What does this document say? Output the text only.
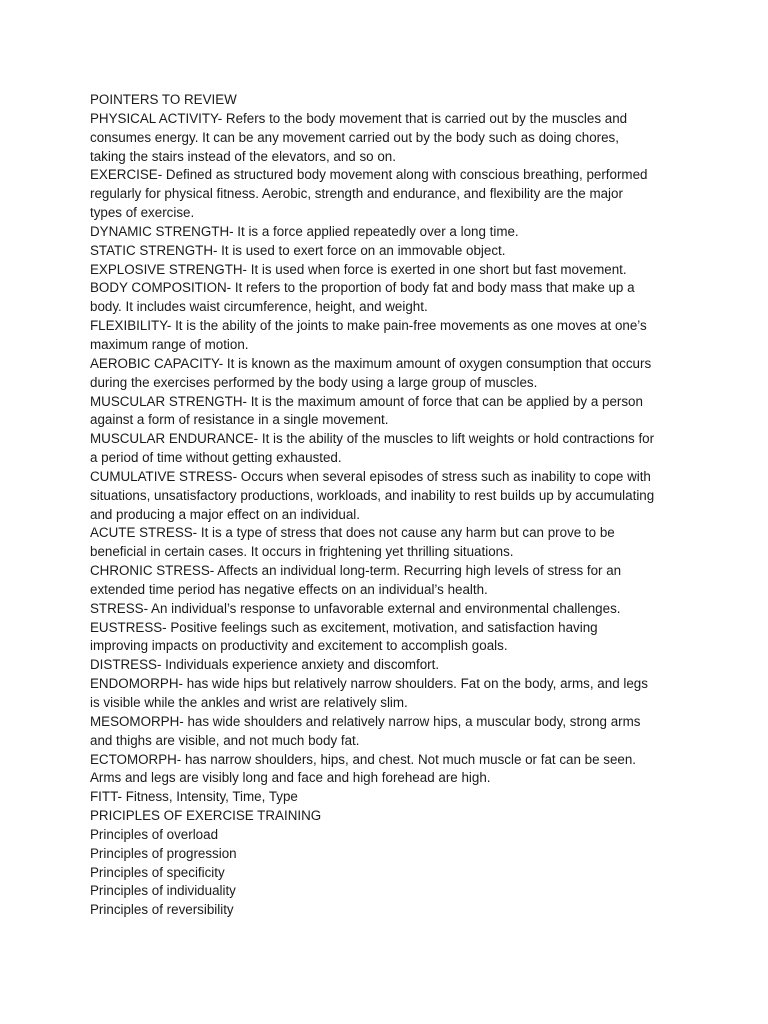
POINTERS TO REVIEW

PHYSICAL ACTIVITY- Refers to the body movement that is carried out by the muscles and consumes energy. It can be any movement carried out by the body such as doing chores, taking the stairs instead of the elevators, and so on.

EXERCISE- Defined as structured body movement along with conscious breathing, performed regularly for physical fitness. Aerobic, strength and endurance, and flexibility are the major types of exercise.

DYNAMIC STRENGTH- It is a force applied repeatedly over a long time.

STATIC STRENGTH- It is used to exert force on an immovable object.

EXPLOSIVE STRENGTH- It is used when force is exerted in one short but fast movement.

BODY COMPOSITION- It refers to the proportion of body fat and body mass that make up a body. It includes waist circumference, height, and weight.

FLEXIBILITY- It is the ability of the joints to make pain-free movements as one moves at one’s maximum range of motion.

AEROBIC CAPACITY- It is known as the maximum amount of oxygen consumption that occurs during the exercises performed by the body using a large group of muscles.

MUSCULAR STRENGTH- It is the maximum amount of force that can be applied by a person against a form of resistance in a single movement.

MUSCULAR ENDURANCE- It is the ability of the muscles to lift weights or hold contractions for a period of time without getting exhausted.

CUMULATIVE STRESS- Occurs when several episodes of stress such as inability to cope with situations, unsatisfactory productions, workloads, and inability to rest builds up by accumulating and producing a major effect on an individual.

ACUTE STRESS- It is a type of stress that does not cause any harm but can prove to be beneficial in certain cases. It occurs in frightening yet thrilling situations.

CHRONIC STRESS- Affects an individual long-term. Recurring high levels of stress for an extended time period has negative effects on an individual’s health.

STRESS- An individual’s response to unfavorable external and environmental challenges.

EUSTRESS- Positive feelings such as excitement, motivation, and satisfaction having improving impacts on productivity and excitement to accomplish goals.

DISTRESS- Individuals experience anxiety and discomfort.

ENDOMORPH- has wide hips but relatively narrow shoulders. Fat on the body, arms, and legs is visible while the ankles and wrist are relatively slim.

MESOMORPH- has wide shoulders and relatively narrow hips, a muscular body, strong arms and thighs are visible, and not much body fat.

ECTOMORPH- has narrow shoulders, hips, and chest. Not much muscle or fat can be seen. Arms and legs are visibly long and face and high forehead are high.

FITT- Fitness, Intensity, Time, Type

PRICIPLES OF EXERCISE TRAINING

Principles of overload

Principles of progression

Principles of specificity

Principles of individuality

Principles of reversibility
